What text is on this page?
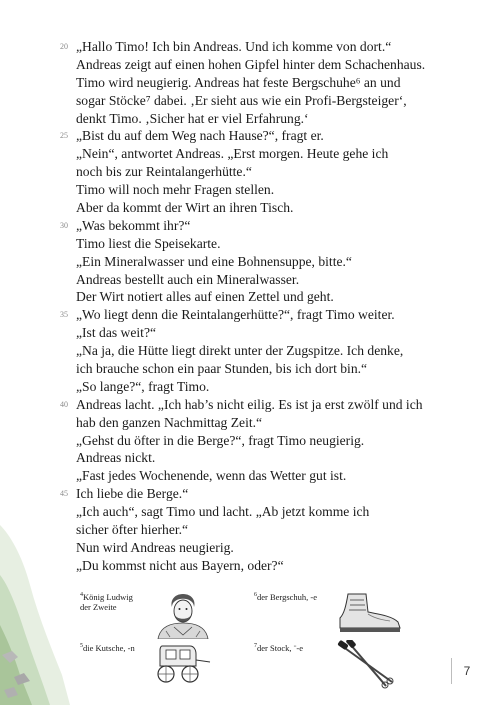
20 „Hallo Timo! Ich bin Andreas. Und ich komme von dort.“
Andreas zeigt auf einen hohen Gipfel hinter dem Schachenhaus.
Timo wird neugierig. Andreas hat feste Bergschuhe⁶ an und
sogar Stöcke⁷ dabei. ‚Er sieht aus wie ein Profi-Bergsteiger‘,
denkt Timo. ‚Sicher hat er viel Erfahrung.‘
25 „Bist du auf dem Weg nach Hause?“, fragt er.
„Nein“, antwortet Andreas. „Erst morgen. Heute gehe ich
noch bis zur Reintalangerhütte.“
Timo will noch mehr Fragen stellen.
Aber da kommt der Wirt an ihren Tisch.
30 „Was bekommt ihr?“
Timo liest die Speisekarte.
„Ein Mineralwasser und eine Bohnensuppe, bitte.“
Andreas bestellt auch ein Mineralwasser.
Der Wirt notiert alles auf einen Zettel und geht.
35 „Wo liegt denn die Reintalangerhütte?“, fragt Timo weiter.
„Ist das weit?“
„Na ja, die Hütte liegt direkt unter der Zugspitze. Ich denke,
ich brauche schon ein paar Stunden, bis ich dort bin.“
„So lange?“, fragt Timo.
40 Andreas lacht. „Ich hab’s nicht eilig. Es ist ja erst zwölf und ich
hab den ganzen Nachmittag Zeit.“
„Gehst du öfter in die Berge?“, fragt Timo neugierig.
Andreas nickt.
„Fast jedes Wochenende, wenn das Wetter gut ist.
45 Ich liebe die Berge.“
„Ich auch“, sagt Timo und lacht. „Ab jetzt komme ich
sicher öfter hierher.“
Nun wird Andreas neugierig.
„Du kommst nicht aus Bayern, oder?“
$^4$König Ludwig
der Zweite
$^6$der Bergschuh, -e
$^5$die Kutsche, -n	$^7$der Stock, ¨-e
7
